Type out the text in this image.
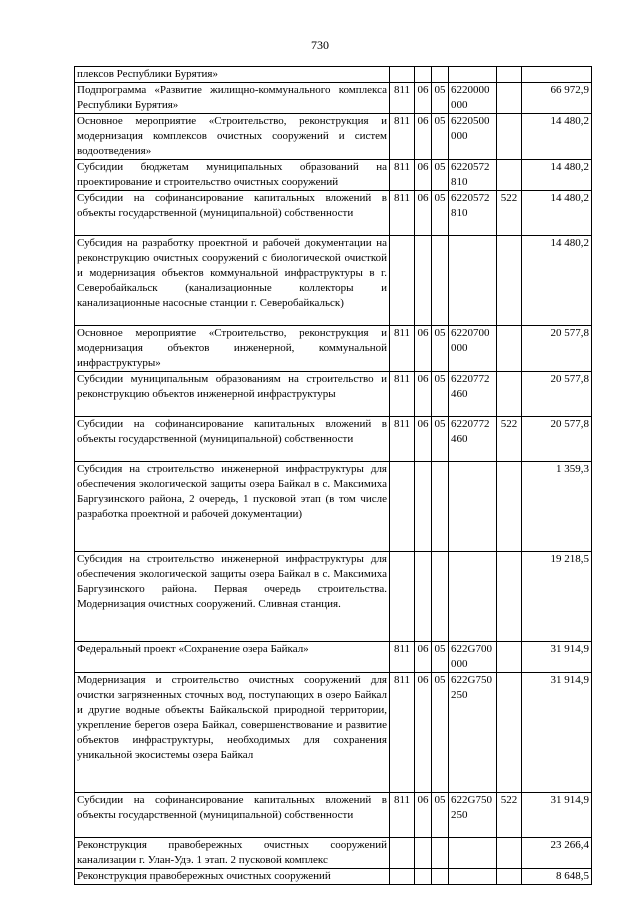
730
плексов Республики Бурятия»						
Подпрограмма «Развитие жилищно-коммунального комплекса Республики Бурятия»	811	06	05	6220000 000		66 972,9
Основное мероприятие «Строительство, реконструкция и модернизация комплексов очистных сооружений и систем водоотведения»	811	06	05	6220500 000		14 480,2
Субсидии бюджетам муниципальных образований на проектирование и строительство очистных сооружений	811	06	05	6220572 810		14 480,2
Субсидии на софинансирование капитальных вложений в объекты государственной (муниципальной) собственности	811	06	05	6220572 810	522	14 480,2
Субсидия на разработку проектной и рабочей документации на реконструкцию очистных сооружений с биологической очисткой и модернизация объектов коммунальной инфраструктуры в г. Северобайкальск (канализационные коллекторы и канализационные насосные станции г. Северобайкальск)						14 480,2
Основное мероприятие «Строительство, реконструкция и модернизация объектов инженерной, коммунальной инфраструктуры»	811	06	05	6220700 000		20 577,8
Субсидии муниципальным образованиям на строительство и реконструкцию объектов инженерной инфраструктуры	811	06	05	6220772 460		20 577,8
Субсидии на софинансирование капитальных вложений в объекты государственной (муниципальной) собственности	811	06	05	6220772 460	522	20 577,8
Субсидия на строительство инженерной инфраструктуры для обеспечения экологической защиты озера Байкал в с. Максимиха Баргузинского района, 2 очередь, 1 пусковой этап (в том числе разработка проектной и рабочей документации)						1 359,3
Субсидия на строительство инженерной инфраструктуры для обеспечения экологической защиты озера Байкал в с. Максимиха Баргузинского района. Первая очередь строительства. Модернизация очистных сооружений. Сливная станция.						19 218,5
Федеральный проект «Сохранение озера Байкал»	811	06	05	622G700 000		31 914,9
Модернизация и строительство очистных сооружений для очистки загрязненных сточных вод, поступающих в озеро Байкал и другие водные объекты Байкальской природной территории, укрепление берегов озера Байкал, совершенствование и развитие объектов инфраструктуры, необходимых для сохранения уникальной экосистемы озера Байкал	811	06	05	622G750 250		31 914,9
Субсидии на софинансирование капитальных вложений в объекты государственной (муниципальной) собственности	811	06	05	622G750 250	522	31 914,9
Реконструкция правобережных очистных сооружений канализации г. Улан-Удэ. 1 этап. 2 пусковой комплекс						23 266,4
Реконструкция правобережных очистных сооружений						8 648,5
